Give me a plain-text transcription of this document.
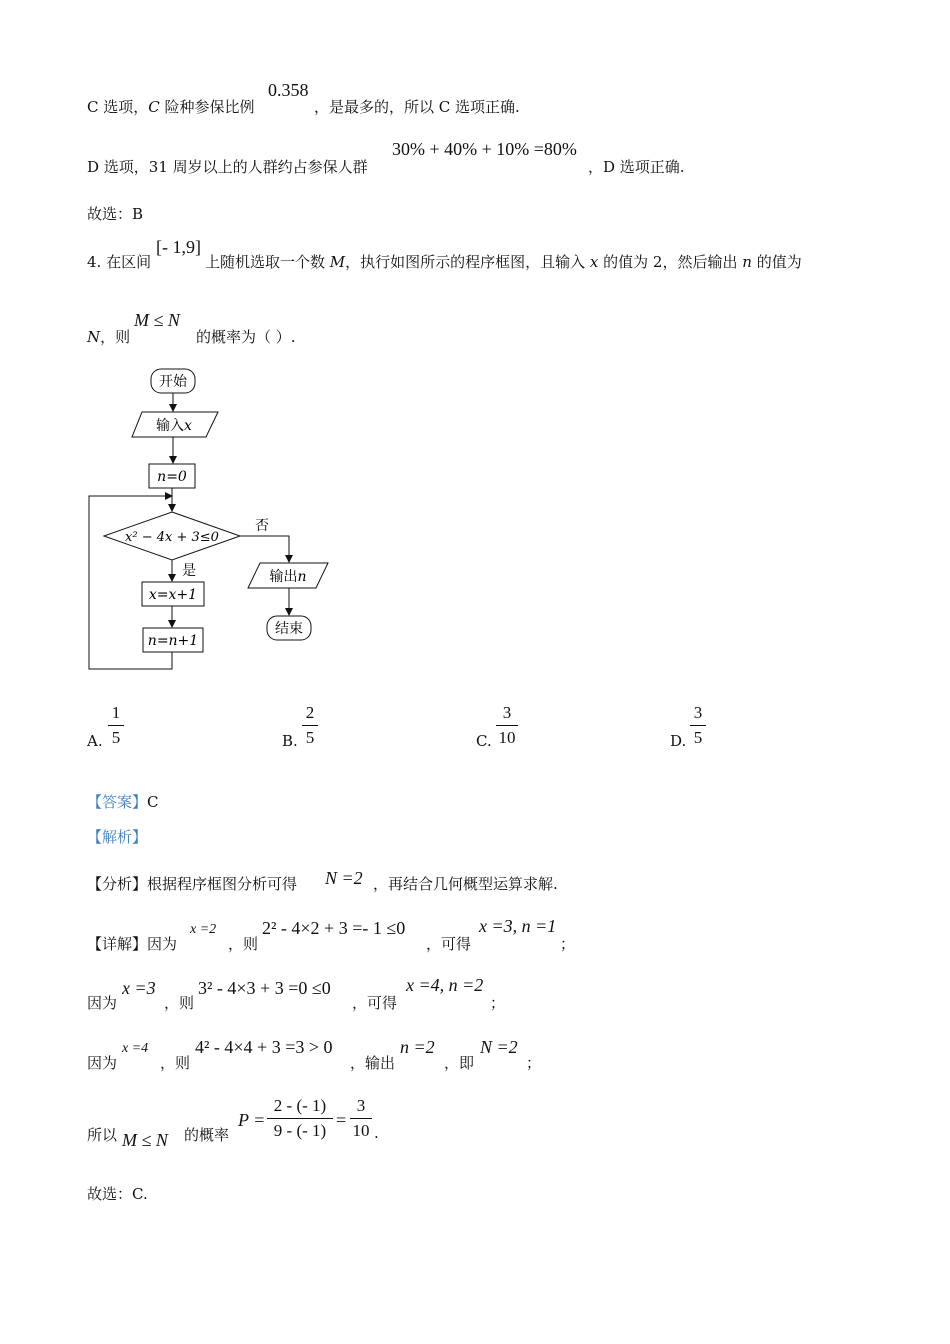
C 选项，C 险种参保比例
0.358
，是最多的，所以 C 选项正确.
D 选项，31 周岁以上的人群约占参保人群
30% + 40% + 10% =80%
，D 选项正确.
故选：B
4. 在区间
[- 1,9]
上随机选取一个数 M，执行如图所示的程序框图，且输入 x 的值为 2，然后输出 n 的值为
N，则
M ≤ N
的概率为（ ）.
开始
输入x
n=0
x² − 4x + 3≤0
否
输出n
结束
是
x=x+1
n=n+1
A.
1
5	B.
2
5	C.
3
10	D.
3
5
【答案】C
【解析】
【分析】根据程序框图分析可得 N =2 ，再结合几何概型运算求解.
【详解】因为
x =2
，则
2² - 4×2 + 3 =- 1 ≤0
，可得
x =3, n =1
；
因为
x =3
，则
3² - 4×3 + 3 =0 ≤0
，可得
x =4, n =2
；
因为
x =4
，则
4² - 4×4 + 3 =3 > 0
，输出
n =2
，即
N =2
；
所以 M ≤ N 的概率
P =
2 - (- 1)
9 - (- 1)
=
3
10 .
故选：C.
